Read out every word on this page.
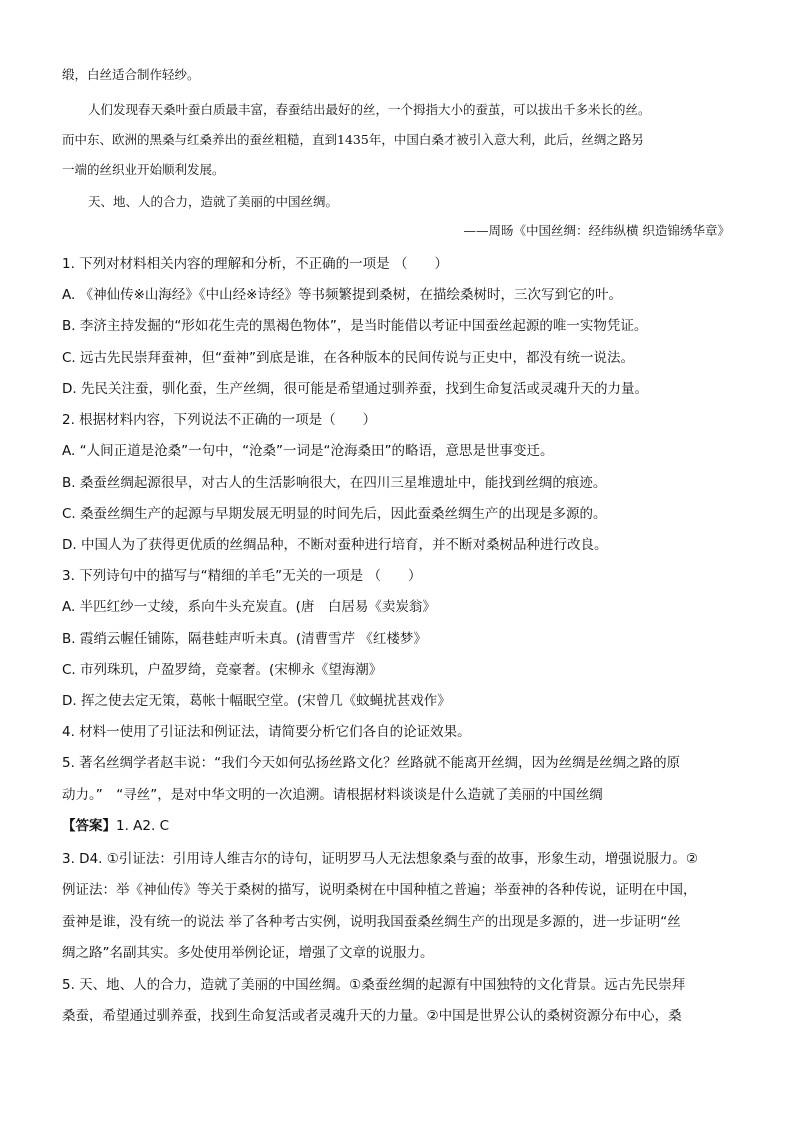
缎，白丝适合制作轻纱。
人们发现春天桑叶蚕白质最丰富，春蚕结出最好的丝，一个拇指大小的蚕茧，可以拔出千多米长的丝。
而中东、欧洲的黑桑与红桑养出的蚕丝粗糙，直到1435年，中国白桑才被引入意大利，此后，丝绸之路另
一端的丝织业开始顺利发展。
天、地、人的合力，造就了美丽的中国丝绸。
——周旸《中国丝绸：经纬纵横 织造锦绣华章》
1. 下列对材料相关内容的理解和分析，不正确的一项是 （　　）
A. 《神仙传※山海经》《中山经※诗经》等书频繁提到桑树，在描绘桑树时，三次写到它的叶。
B. 李济主持发掘的“形如花生壳的黑褐色物体”，是当时能借以考证中国蚕丝起源的唯一实物凭证。
C. 远古先民崇拜蚕神，但“蚕神”到底是谁，在各种版本的民间传说与正史中，都没有统一说法。
D. 先民关注蚕，驯化蚕，生产丝绸，很可能是希望通过驯养蚕，找到生命复活或灵魂升天的力量。
2. 根据材料内容，下列说法不正确的一项是（　　）
A. “人间正道是沧桑”一句中，“沧桑”一词是“沧海桑田”的略语，意思是世事变迁。
B. 桑蚕丝绸起源很早，对古人的生活影响很大，在四川三星堆遗址中，能找到丝绸的痕迹。
C. 桑蚕丝绸生产的起源与早期发展无明显的时间先后，因此蚕桑丝绸生产的出现是多源的。
D. 中国人为了获得更优质的丝绸品种，不断对蚕种进行培育，并不断对桑树品种进行改良。
3. 下列诗句中的描写与“精细的羊毛”无关的一项是 （　　）
A. 半匹红纱一丈绫，系向牛头充炭直。(唐　白居易《卖炭翁》
B. 霞绡云幄任铺陈，隔巷蛙声听未真。(清曹雪芹 《红楼梦》
C. 市列珠玑，户盈罗绮，竞豪奢。(宋柳永《望海潮》
D. 挥之使去定无策，葛帐十幅眠空堂。(宋曾几《蚊蝇扰甚戏作》
4. 材料一使用了引证法和例证法，请简要分析它们各自的论证效果。
5. 著名丝绸学者赵丰说：“我们今天如何弘扬丝路文化？丝路就不能离开丝绸，因为丝绸是丝绸之路的原
动力。”　“寻丝”，是对中华文明的一次追溯。请根据材料谈谈是什么造就了美丽的中国丝绸
【答案】1. A2. C
3. D4. ①引证法：引用诗人维吉尔的诗句，证明罗马人无法想象桑与蚕的故事，形象生动，增强说服力。②
例证法：举《神仙传》等关于桑树的描写，说明桑树在中国种植之普遍；举蚕神的各种传说，证明在中国，
蚕神是谁，没有统一的说法 举了各种考古实例，说明我国蚕桑丝绸生产的出现是多源的，进一步证明“丝
绸之路”名副其实。多处使用举例论证，增强了文章的说服力。
5. 天、地、人的合力，造就了美丽的中国丝绸。①桑蚕丝绸的起源有中国独特的文化背景。远古先民崇拜
桑蚕，希望通过驯养蚕，找到生命复活或者灵魂升天的力量。②中国是世界公认的桑树资源分布中心，桑
